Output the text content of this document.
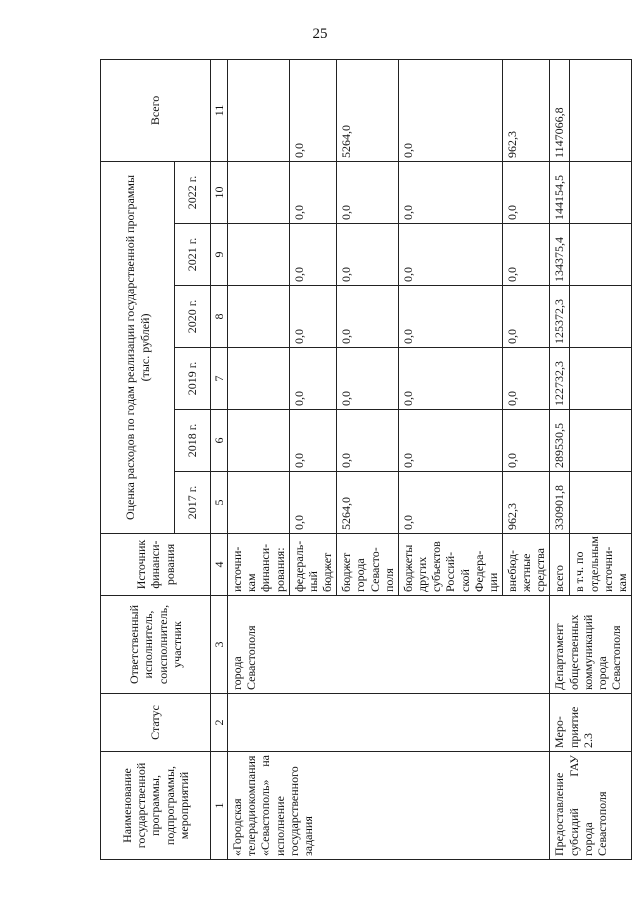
25
Наименование государственной программы, подпрограммы, мероприятий	Статус	Ответственный исполнитель, соисполнитель, участник	Источник финанси-рования	Оценка расходов по годам реализации государственной программы (тыс. рублей)						Всего
				2017 г.	2018 г.	2019 г.	2020 г.	2021 г.	2022 г.	
1	2	3	4	5	6	7	8	9	10	11
«Городская телерадиокомпания «Севастополь» на исполнение государственного задания		города Севастополя	источни-кам финанси-рования:							
			федераль-ный бюджет	0,0	0,0	0,0	0,0	0,0	0,0	0,0
			бюджет города Севасто-поля	5264,0	0,0	0,0	0,0	0,0	0,0	5264,0
			бюджеты других субъектов Россий-ской Федера-ции	0,0	0,0	0,0	0,0	0,0	0,0	0,0
			внебюд-жетные средства	962,3	0,0	0,0	0,0	0,0	0,0	962,3
Предоставление субсидий ГАУ города Севастополя	Меро-приятие 2.3	Департамент общественных коммуникаций города Севастополя	всего	330901,8	289530,5	122732,3	125372,3	134375,4	144154,5	1147066,8
			в т.ч. по отдельным источни-кам							
